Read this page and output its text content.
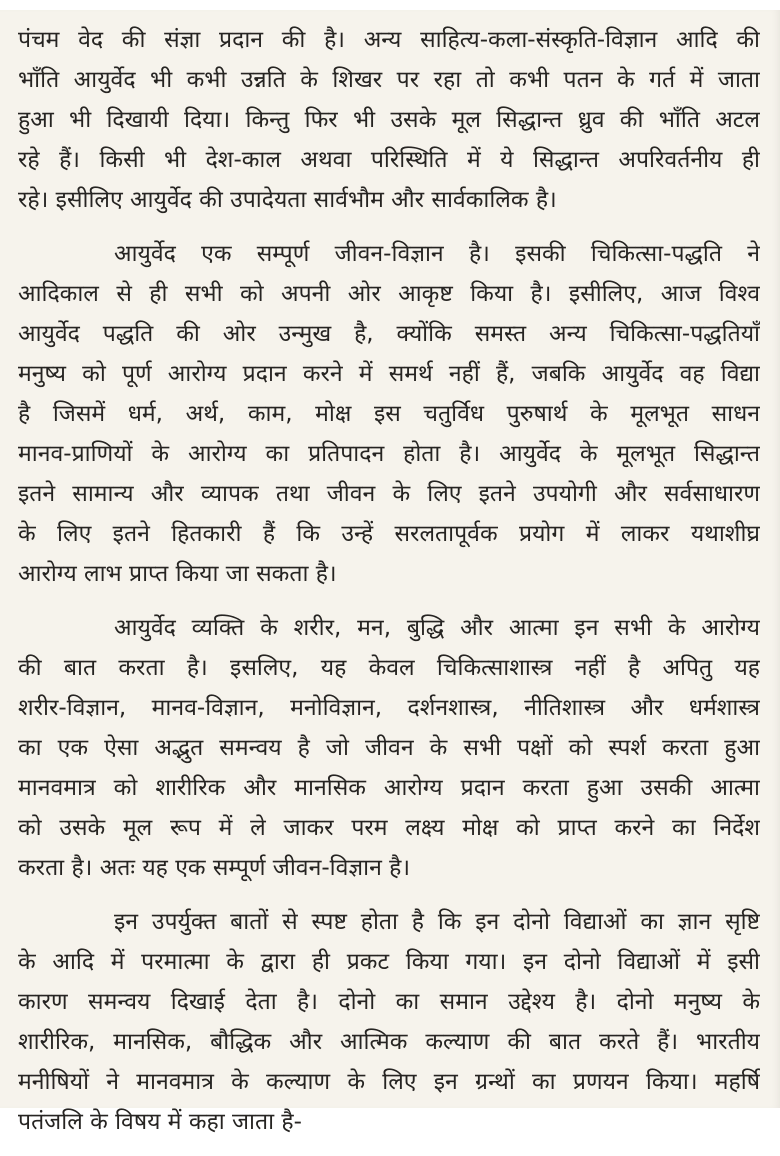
पंचम वेद की संज्ञा प्रदान की है। अन्य साहित्य-कला-संस्कृति-विज्ञान आदि की
भाँति आयुर्वेद भी कभी उन्नति के शिखर पर रहा तो कभी पतन के गर्त में जाता
हुआ भी दिखायी दिया। किन्तु फिर भी उसके मूल सिद्धान्त ध्रुव की भाँति अटल
रहे हैं। किसी भी देश-काल अथवा परिस्थिति में ये सिद्धान्त अपरिवर्तनीय ही
रहे। इसीलिए आयुर्वेद की उपादेयता सार्वभौम और सार्वकालिक है।

आयुर्वेद एक सम्पूर्ण जीवन-विज्ञान है। इसकी चिकित्सा-पद्धति ने
आदिकाल से ही सभी को अपनी ओर आकृष्ट किया है। इसीलिए, आज विश्व
आयुर्वेद पद्धति की ओर उन्मुख है, क्योंकि समस्त अन्य चिकित्सा-पद्धतियाँ
मनुष्य को पूर्ण आरोग्य प्रदान करने में समर्थ नहीं हैं, जबकि आयुर्वेद वह विद्या
है जिसमें धर्म, अर्थ, काम, मोक्ष इस चतुर्विध पुरुषार्थ के मूलभूत साधन
मानव-प्राणियों के आरोग्य का प्रतिपादन होता है। आयुर्वेद के मूलभूत सिद्धान्त
इतने सामान्य और व्यापक तथा जीवन के लिए इतने उपयोगी और सर्वसाधारण
के लिए इतने हितकारी हैं कि उन्हें सरलतापूर्वक प्रयोग में लाकर यथाशीघ्र
आरोग्य लाभ प्राप्त किया जा सकता है।

आयुर्वेद व्यक्ति के शरीर, मन, बुद्धि और आत्मा इन सभी के आरोग्य
की बात करता है। इसलिए, यह केवल चिकित्साशास्त्र नहीं है अपितु यह
शरीर-विज्ञान, मानव-विज्ञान, मनोविज्ञान, दर्शनशास्त्र, नीतिशास्त्र और धर्मशास्त्र
का एक ऐसा अद्भुत समन्वय है जो जीवन के सभी पक्षों को स्पर्श करता हुआ
मानवमात्र को शारीरिक और मानसिक आरोग्य प्रदान करता हुआ उसकी आत्मा
को उसके मूल रूप में ले जाकर परम लक्ष्य मोक्ष को प्राप्त करने का निर्देश
करता है। अतः यह एक सम्पूर्ण जीवन-विज्ञान है।

इन उपर्युक्त बातों से स्पष्ट होता है कि इन दोनो विद्याओं का ज्ञान सृष्टि
के आदि में परमात्मा के द्वारा ही प्रकट किया गया। इन दोनो विद्याओं में इसी
कारण समन्वय दिखाई देता है। दोनो का समान उद्देश्य है। दोनो मनुष्य के
शारीरिक, मानसिक, बौद्धिक और आत्मिक कल्याण की बात करते हैं। भारतीय
मनीषियों ने मानवमात्र के कल्याण के लिए इन ग्रन्थों का प्रणयन किया। महर्षि
पतंजलि के विषय में कहा जाता है-
